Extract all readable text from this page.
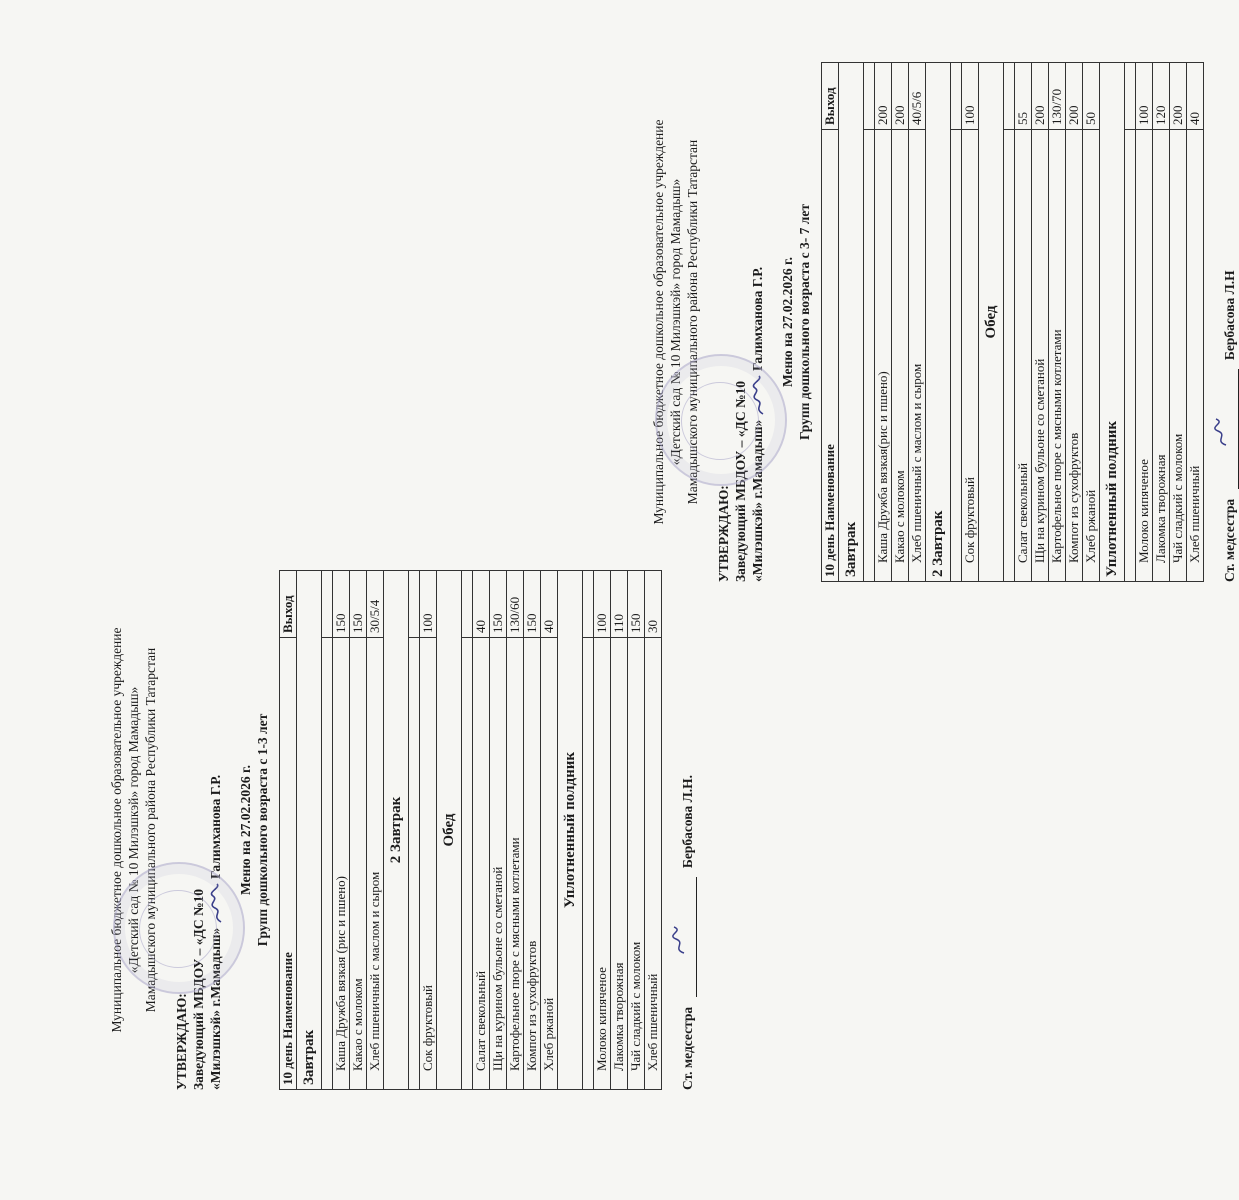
Муниципальное бюджетное дошкольное образовательное учреждение «Детский сад № 10 Милэшкэй» город Мамадыш» Мамадышского муниципального района Республики Татарстан
УТВЕРЖДАЮ: Заведующий МБДОУ – «ДС №10 «Милэшкэй» г.Мамадыш»  Галимханова Г.Р. Меню на 27.02.2026 г. Групп дошкольного возраста с 1-3 лет
10 день Наименование	Выход
Завтрак	

Каша Дружба вязкая (рис и пшено)	150
Какао с молоком	150
Хлеб пшеничный с маслом и сыром	30/5/4
2 Завтрак	

Сок фруктовый	100
Обед	

Салат свекольный	40
Щи на курином бульоне со сметаной	150
Картофельное пюре с мясными котлетами	130/60
Компот из сухофруктов	150
Хлеб ржаной	40
Уплотненный полдник	

Молоко кипяченое	100
Лакомка творожная	110
Чай сладкий с молоком	150
Хлеб пшеничный	30
Ст. медсестра
Бербасова Л.Н.
Муниципальное бюджетное дошкольное образовательное учреждение «Детский сад № 10 Милэшкэй» город Мамадыш» Мамадышского муниципального района Республики Татарстан
УТВЕРЖДАЮ: Заведующий МБДОУ – «ДС №10 «Милэшкэй» г.Мамадыш»  Галимханова Г.Р. Меню на 27.02.2026 г. Групп дошкольного возраста с 3- 7 лет
10 день Наименование	Выход
Завтрак	

Каша Дружба вязкая(рис и пшено)	200
Какао с молоком	200
Хлеб пшеничный с маслом и сыром	40/5/6
2 Завтрак	

Сок фруктовый	100
Обед	

Салат свекольный	55
Щи на курином бульоне со сметаной	200
Картофельное пюре с мясными котлетами	130/70
Компот из сухофруктов	200
Хлеб ржаной	50
Уплотненный полдник	

Молоко кипяченое	100
Лакомка творожная	120
Чай сладкий с молоком	200
Хлеб пшеничный	40
Ст. медсестра
Бербасова Л.Н
